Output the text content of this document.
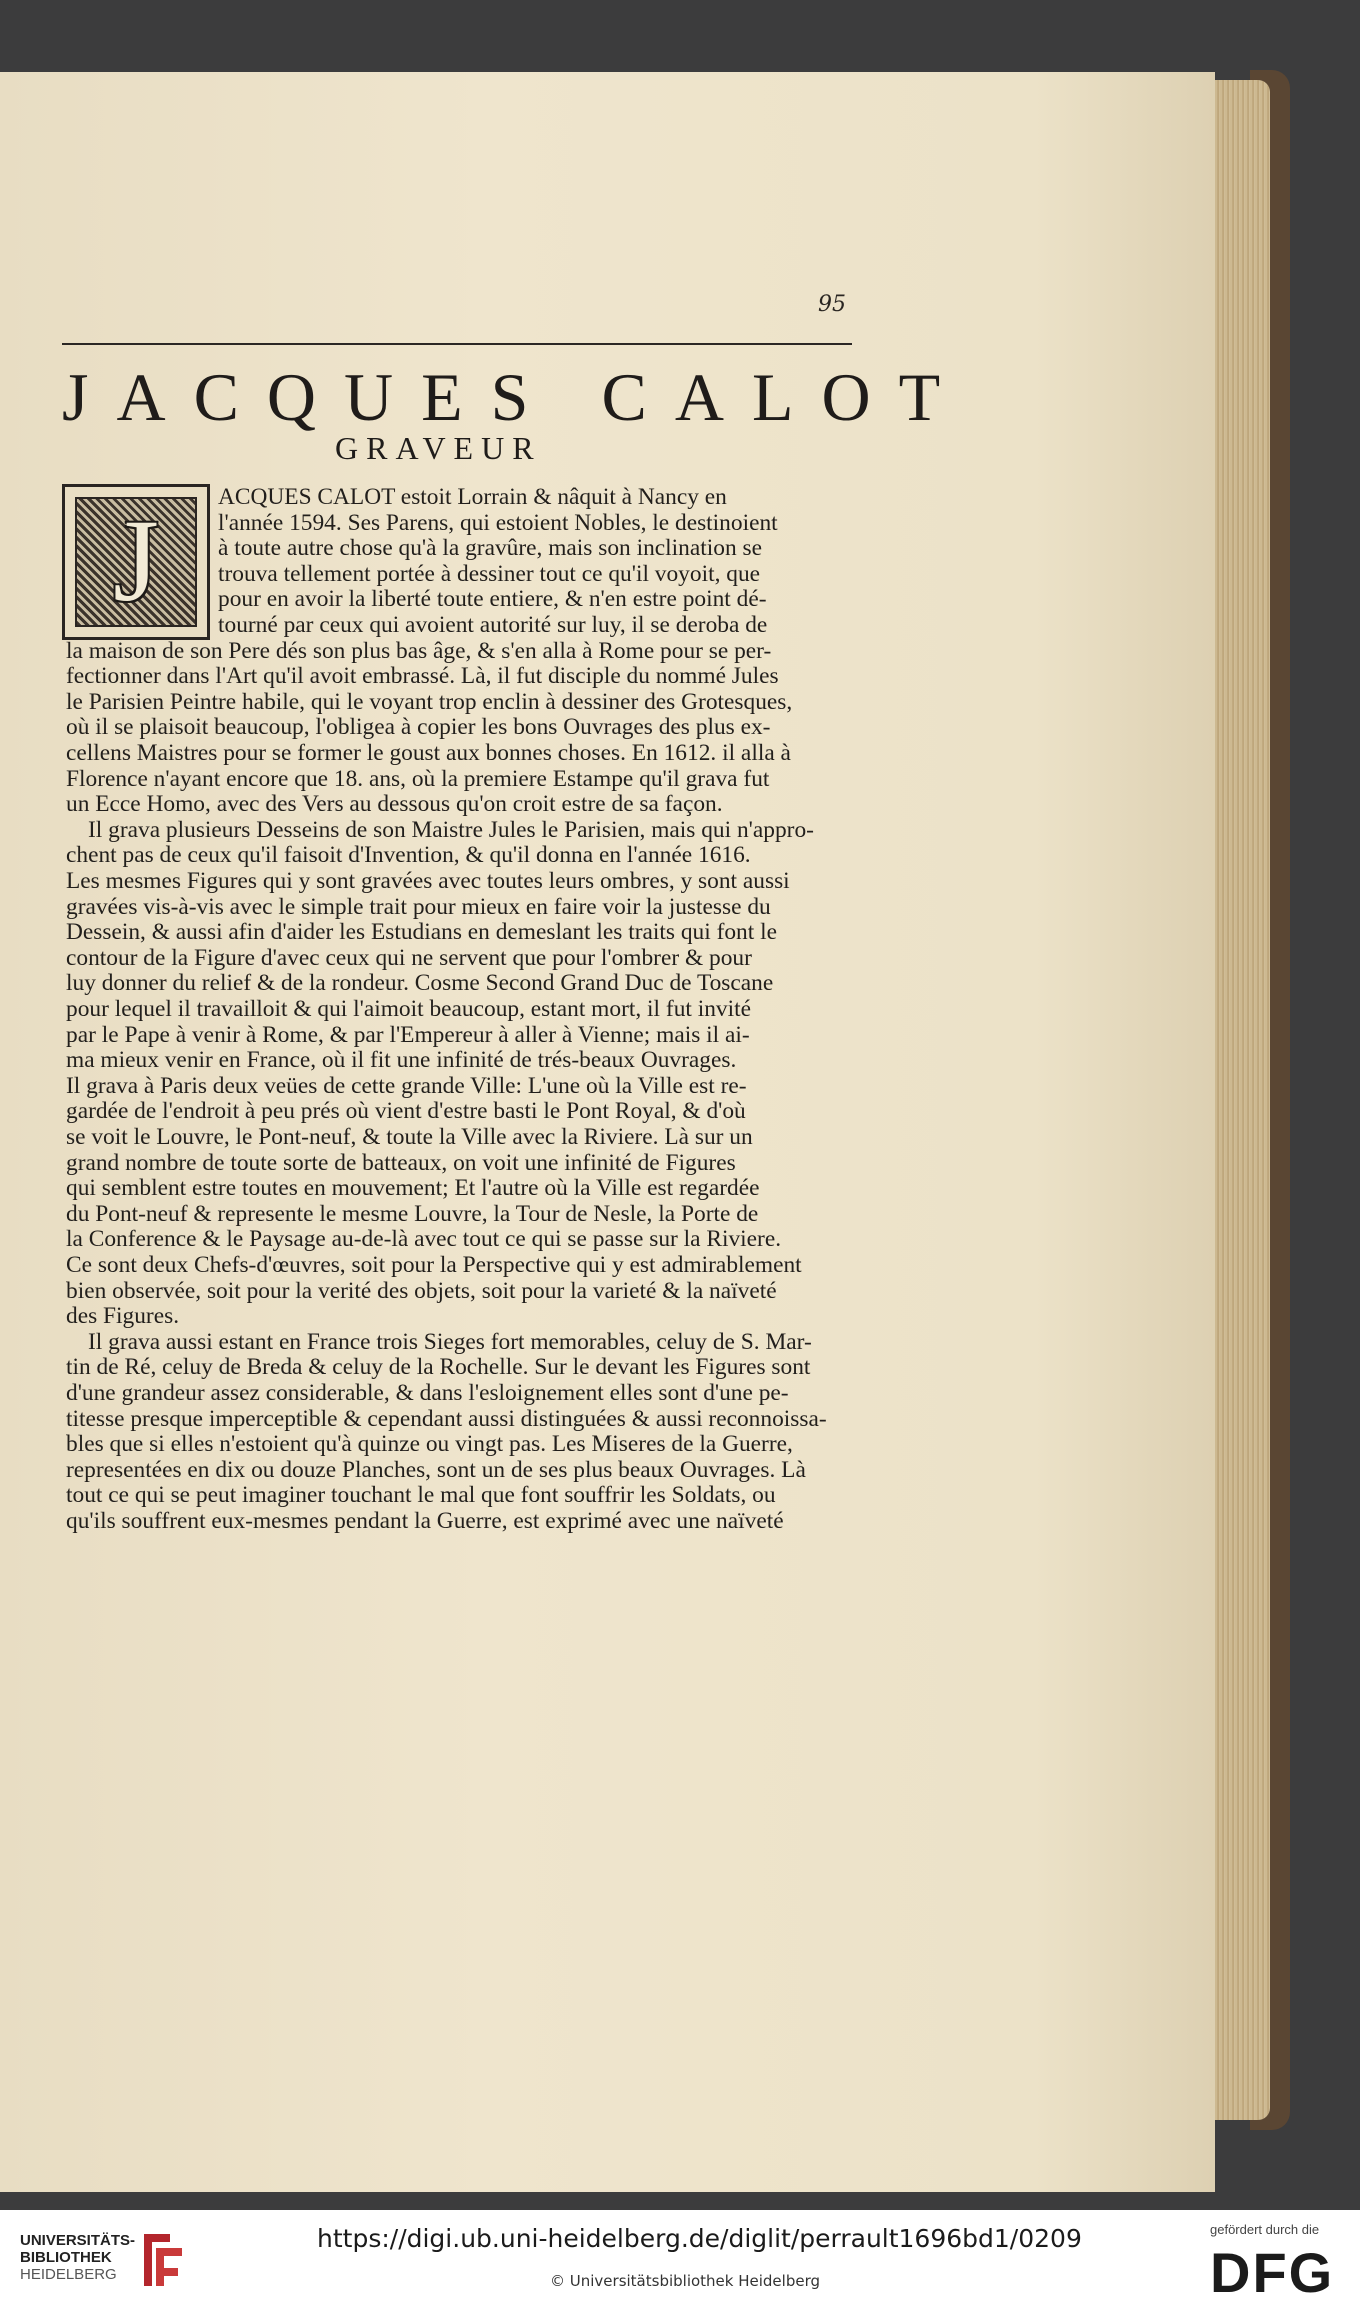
95
JACQUES CALOT
GRAVEUR
J	ACQUES CALOT estoit Lorrain & nâquit à Nancy en
l'année 1594. Ses Parens, qui estoient Nobles, le destinoient
à toute autre chose qu'à la gravûre, mais son inclination se
trouva tellement portée à dessiner tout ce qu'il voyoit, que
pour en avoir la liberté toute entiere, & n'en estre point dé-
tourné par ceux qui avoient autorité sur luy, il se deroba de
la maison de son Pere dés son plus bas âge, & s'en alla à Rome pour se per-
fectionner dans l'Art qu'il avoit embrassé. Là, il fut disciple du nommé Jules
le Parisien Peintre habile, qui le voyant trop enclin à dessiner des Grotesques,
où il se plaisoit beaucoup, l'obligea à copier les bons Ouvrages des plus ex-
cellens Maistres pour se former le goust aux bonnes choses. En 1612. il alla à
Florence n'ayant encore que 18. ans, où la premiere Estampe qu'il grava fut
un Ecce Homo, avec des Vers au dessous qu'on croit estre de sa façon.
Il grava plusieurs Desseins de son Maistre Jules le Parisien, mais qui n'appro-
chent pas de ceux qu'il faisoit d'Invention, & qu'il donna en l'année 1616.
Les mesmes Figures qui y sont gravées avec toutes leurs ombres, y sont aussi
gravées vis-à-vis avec le simple trait pour mieux en faire voir la justesse du
Dessein, & aussi afin d'aider les Estudians en demeslant les traits qui font le
contour de la Figure d'avec ceux qui ne servent que pour l'ombrer & pour
luy donner du relief & de la rondeur. Cosme Second Grand Duc de Toscane
pour lequel il travailloit & qui l'aimoit beaucoup, estant mort, il fut invité
par le Pape à venir à Rome, & par l'Empereur à aller à Vienne; mais il ai-
ma mieux venir en France, où il fit une infinité de trés-beaux Ouvrages.
Il grava à Paris deux veües de cette grande Ville: L'une où la Ville est re-
gardée de l'endroit à peu prés où vient d'estre basti le Pont Royal, & d'où
se voit le Louvre, le Pont-neuf, & toute la Ville avec la Riviere. Là sur un
grand nombre de toute sorte de batteaux, on voit une infinité de Figures
qui semblent estre toutes en mouvement; Et l'autre où la Ville est regardée
du Pont-neuf & represente le mesme Louvre, la Tour de Nesle, la Porte de
la Conference & le Paysage au-de-là avec tout ce qui se passe sur la Riviere.
Ce sont deux Chefs-d'œuvres, soit pour la Perspective qui y est admirablement
bien observée, soit pour la verité des objets, soit pour la varieté & la naïveté
des Figures.
Il grava aussi estant en France trois Sieges fort memorables, celuy de S. Mar-
tin de Ré, celuy de Breda & celuy de la Rochelle. Sur le devant les Figures sont
d'une grandeur assez considerable, & dans l'esloignement elles sont d'une pe-
titesse presque imperceptible & cependant aussi distinguées & aussi reconnoissa-
bles que si elles n'estoient qu'à quinze ou vingt pas. Les Miseres de la Guerre,
representées en dix ou douze Planches, sont un de ses plus beaux Ouvrages. Là
tout ce qui se peut imaginer touchant le mal que font souffrir les Soldats, ou
qu'ils souffrent eux-mesmes pendant la Guerre, est exprimé avec une naïveté
UNIVERSITÄTS-
BIBLIOTHEK
HEIDELBERG
https://digi.ub.uni-heidelberg.de/diglit/perrault1696bd1/0209
© Universitätsbibliothek Heidelberg
gefördert durch die
DFG
